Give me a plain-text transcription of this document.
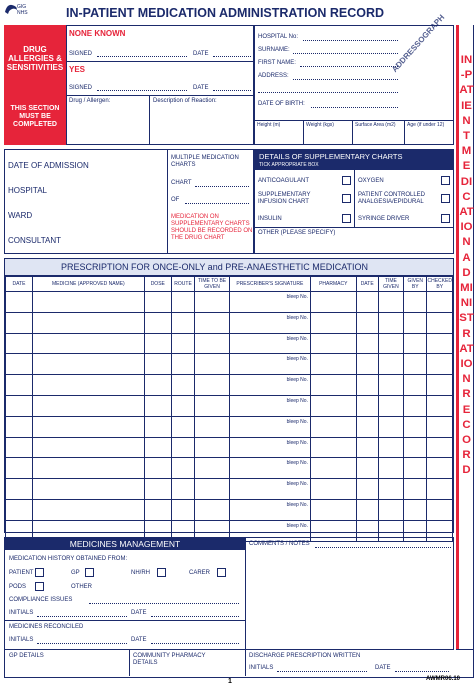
GIG NHS	IN-PATIENT MEDICATION ADMINISTRATION RECORD
DRUG ALLERGIES & SENSITIVITIES
THIS SECTION MUST BE COMPLETED
NONE KNOWN
SIGNED	DATE
YES
SIGNED	DATE
Drug / Allergen:	Description of Reaction:
HOSPITAL No:
SURNAME:
FIRST NAME:
ADDRESS:
DATE OF BIRTH:
ADDRESSOGRAPH
Height (m)	Weight (kgs)	Surface Area (m2) Age (if under 12)
IN-PATIENTMEDICATIONADMINISTRATIONRECORD
DATE OF ADMISSION
HOSPITAL
WARD
CONSULTANT
MULTIPLE MEDICATION CHARTS
CHART
OF
MEDICATION ON SUPPLEMENTARY CHARTS SHOULD BE RECORDED ON THE DRUG CHART
DETAILS OF SUPPLEMENTARY CHARTS
TICK APPROPRIATE BOX
ANTICOAGULANT	OXYGEN
SUPPLEMENTARY INFUSION CHART
PATIENT CONTROLLED ANALGESIA/EPIDURAL
INSULIN	SYRINGE DRIVER
OTHER (PLEASE SPECIFY)
PRESCRIPTION FOR ONCE-ONLY and PRE-ANAESTHETIC MEDICATION
DATE	MEDICINE (APPROVED NAME)	DOSE	ROUTE	TIME TO BE GIVEN	PRESCRIBER'S SIGNATURE	PHARMACY	DATE	TIME GIVEN	GIVEN BY	CHECKED BY

					bleep No.					

					bleep No.					

					bleep No.					

					bleep No.					

					bleep No.					

					bleep No.					

					bleep No.					

					bleep No.					

					bleep No.					

					bleep No.					

					bleep No.					

					bleep No.					

MEDICINES MANAGEMENT
MEDICATION HISTORY OBTAINED FROM:
PATIENT	GP	NH/RH	CARER
PODS	OTHER
COMPLIANCE ISSUES
INITIALS	DATE
MEDICINES RECONCILED
INITIALS	DATE
COMMENTS / NOTES
GP DETAILS	COMMUNITY PHARMACY DETAILS
DISCHARGE PRESCRIPTION WRITTEN
INITIALS	DATE
1	AWMR06.10
